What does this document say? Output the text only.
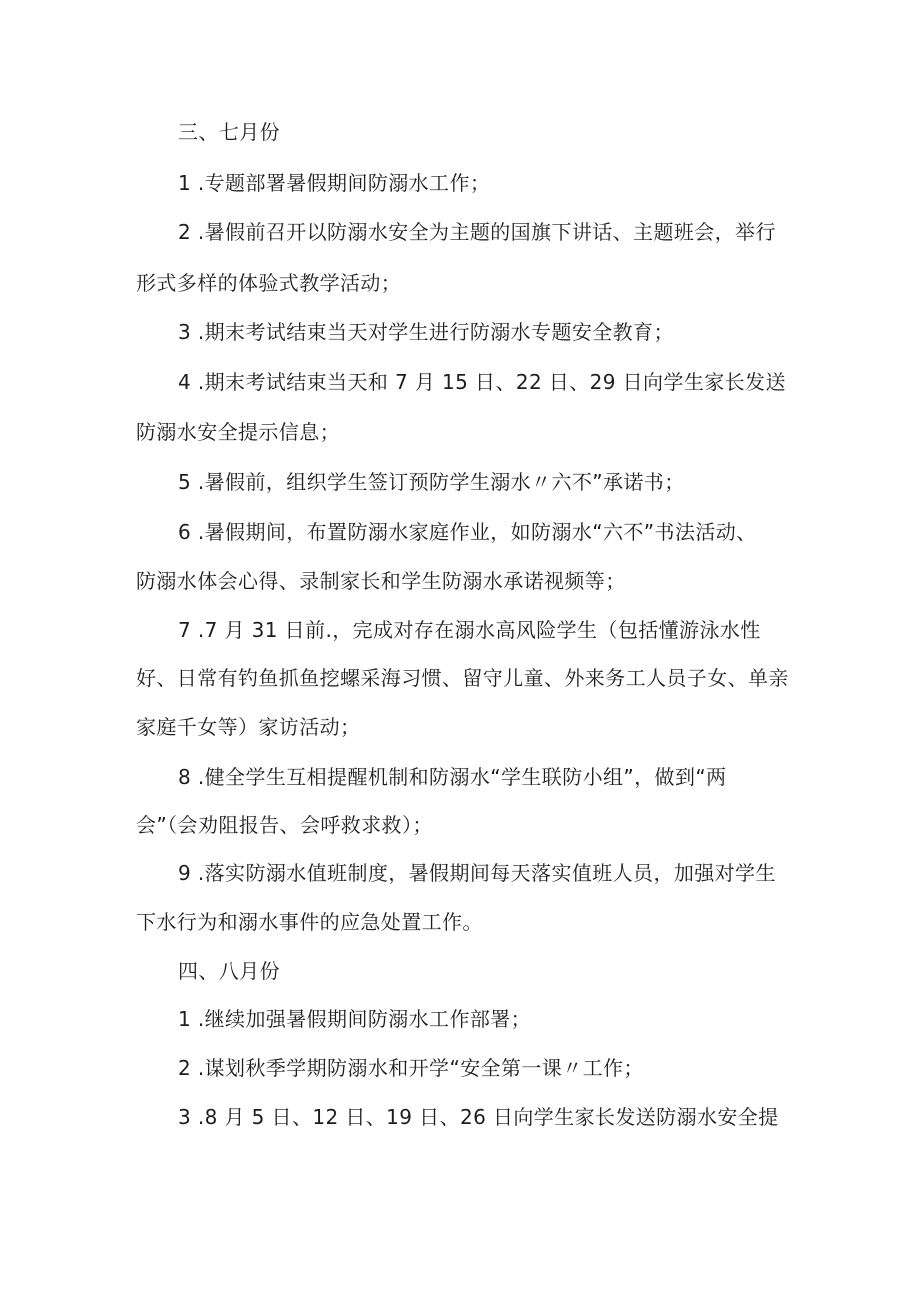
三、七月份
1 .专题部署暑假期间防溺水工作；
2 .暑假前召开以防溺水安全为主题的国旗下讲话、主题班会，举行
形式多样的体验式教学活动；
3 .期末考试结束当天对学生进行防溺水专题安全教育；
4 .期末考试结束当天和 7 月 15 日、22 日、29 日向学生家长发送
防溺水安全提示信息；
5 .暑假前，组织学生签订预防学生溺水〃六不”承诺书；
6 .暑假期间，布置防溺水家庭作业，如防溺水“六不”书法活动、
防溺水体会心得、录制家长和学生防溺水承诺视频等；
7 .7 月 31 日前.，完成对存在溺水高风险学生（包括懂游泳水性
好、日常有钓鱼抓鱼挖螺采海习惯、留守儿童、外来务工人员子女、单亲
家庭千女等）家访活动；
8 .健全学生互相提醒机制和防溺水“学生联防小组”，做到“两
会”（会劝阻报告、会呼救求救）；
9 .落实防溺水值班制度，暑假期间每天落实值班人员，加强对学生
下水行为和溺水事件的应急处置工作。
四、八月份
1 .继续加强暑假期间防溺水工作部署；
2 .谋划秋季学期防溺水和开学“安全第一课〃工作；
3 .8 月 5 日、12 日、19 日、26 日向学生家长发送防溺水安全提
